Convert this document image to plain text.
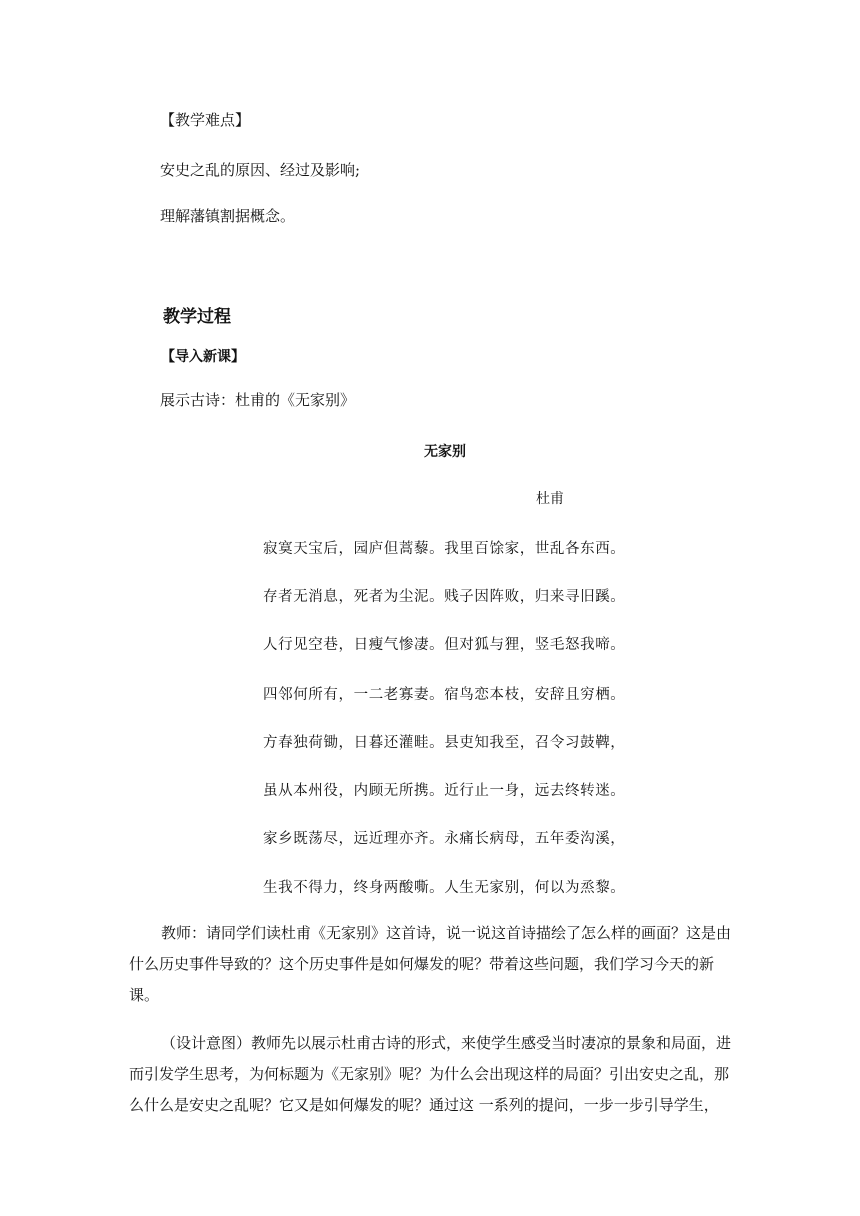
【教学难点】
安史之乱的原因、经过及影响;
理解藩镇割据概念。
教学过程
【导入新课】
展示古诗：杜甫的《无家别》
无家别
杜甫
寂寞天宝后，园庐但蒿藜。我里百馀家，世乱各东西。
存者无消息，死者为尘泥。贱子因阵败，归来寻旧蹊。
人行见空巷，日瘦气惨凄。但对狐与狸，竖毛怒我啼。
四邻何所有，一二老寡妻。宿鸟恋本枝，安辞且穷栖。
方春独荷锄，日暮还灌畦。县吏知我至，召令习鼓鞞，
虽从本州役，内顾无所携。近行止一身，远去终转迷。
家乡既荡尽，远近理亦齐。永痛长病母，五年委沟溪，
生我不得力，终身两酸嘶。人生无家别，何以为烝黎。
教师：请同学们读杜甫《无家别》这首诗，说一说这首诗描绘了怎么样的画面？这是由什么历史事件导致的？这个历史事件是如何爆发的呢？带着这些问题，我们学习今天的新课。
（设计意图）教师先以展示杜甫古诗的形式，来使学生感受当时凄凉的景象和局面，进而引发学生思考，为何标题为《无家别》呢？为什么会出现这样的局面？引出安史之乱，那么什么是安史之乱呢？它又是如何爆发的呢？通过这 一系列的提问，一步一步引导学生，
